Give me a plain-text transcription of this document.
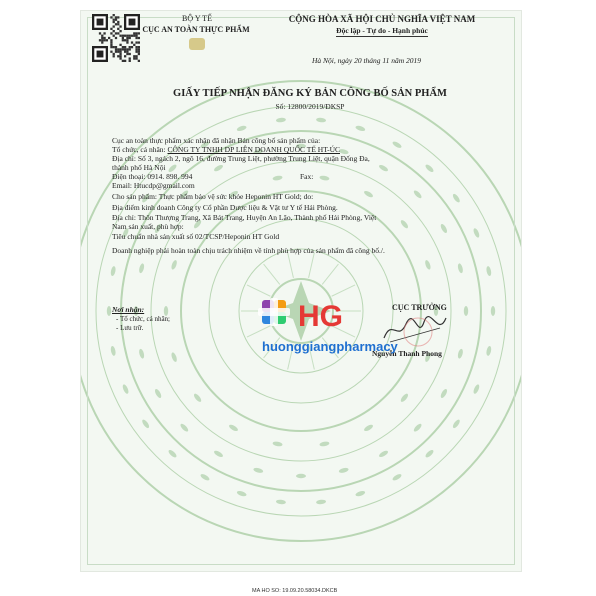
BỘ Y TẾ
CỤC AN TOÀN THỰC PHẨM
CỘNG HÒA XÃ HỘI CHỦ NGHĨA VIỆT NAM
Độc lập - Tự do - Hạnh phúc
Hà Nội, ngày 20 tháng 11 năm 2019
GIẤY TIẾP NHẬN ĐĂNG KÝ BẢN CÔNG BỐ SẢN PHẨM
Số: 12800/2019/ĐKSP
Cục an toàn thực phẩm xác nhận đã nhận Bản công bố sản phẩm của:
Tổ chức, cá nhân: CÔNG TY TNHH DP LIÊN DOANH QUỐC TẾ HT-ÚC
Địa chỉ: Số 3, ngách 2, ngõ 16, đường Trung Liệt, phường Trung Liệt, quận Đống Đa,
thành phố Hà Nội
Điện thoại: 0914. 898. 994	Fax:
Email: Htucdp@gmail.com
Cho sản phẩm: Thực phẩm bảo vệ sức khỏe Heponin HT Gold; do:
Địa điểm kinh doanh Công ty Cổ phần Dược liệu & Vật tư Y tế Hải Phòng.
Địa chỉ: Thôn Thượng Trang, Xã Bát Trang, Huyện An Lão, Thành phố Hải Phòng, Việt
Nam sản xuất, phù hợp:
Tiêu chuẩn nhà sản xuất số 02/TCSP/Heponin HT Gold
Doanh nghiệp phải hoàn toàn chịu trách nhiệm về tính phù hợp của sản phẩm đã công bố./.
Nơi nhận:
- Tổ chức, cá nhân;
- Lưu trữ.
CỤC TRƯỞNG
Nguyễn Thanh Phong
HG
huonggiangpharmacy
MA HO SO: 19.09.20.58034.DKCB
